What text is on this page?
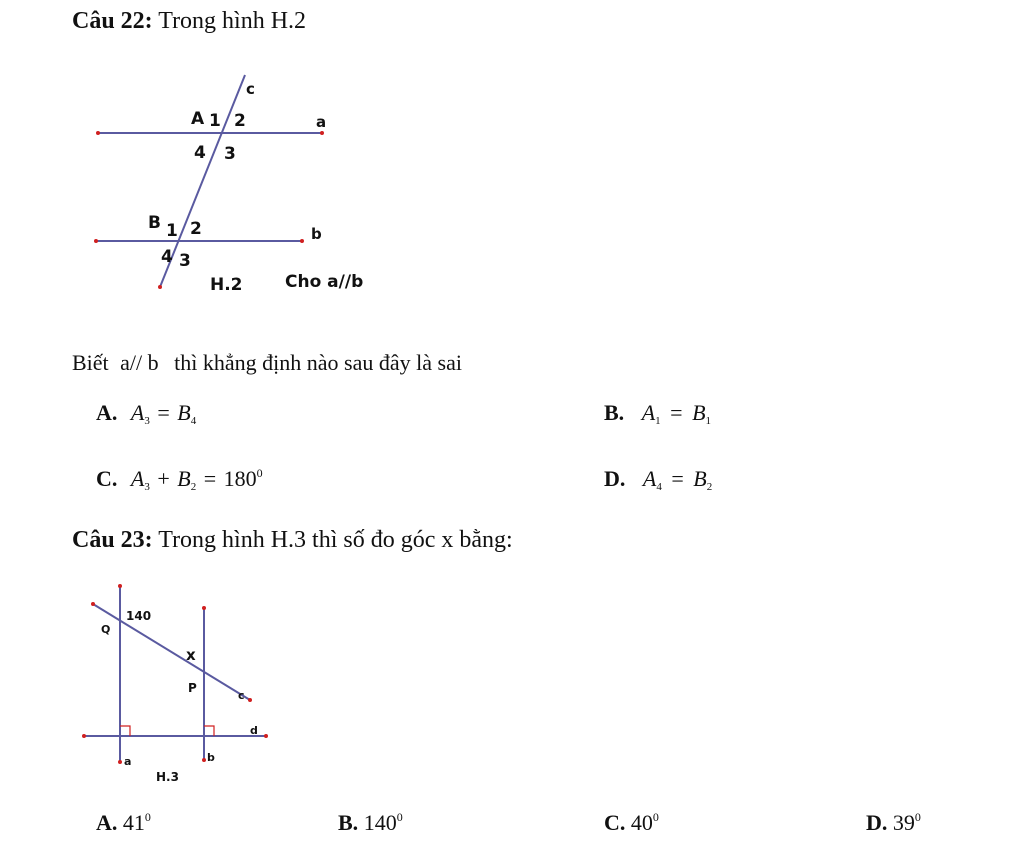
Câu 22: Trong hình H.2
c
A 1 2	a
4 3
B 1 2	b
4 3
H.2 Cho a//b
Biết a// b thì khẳng định nào sau đây là sai
A. $A_3 = B_4$	B. $A_1 = B_1$
C. $A_3 + B_2 = 180^0$	D. $A_4 = B_2$
Câu 23: Trong hình H.3 thì số đo góc x bằng:
140
Q
x
P
c
d
a	b
H.3
A. $41^0$	B. $140^0$	C. $40^0$	D. $39^0$
